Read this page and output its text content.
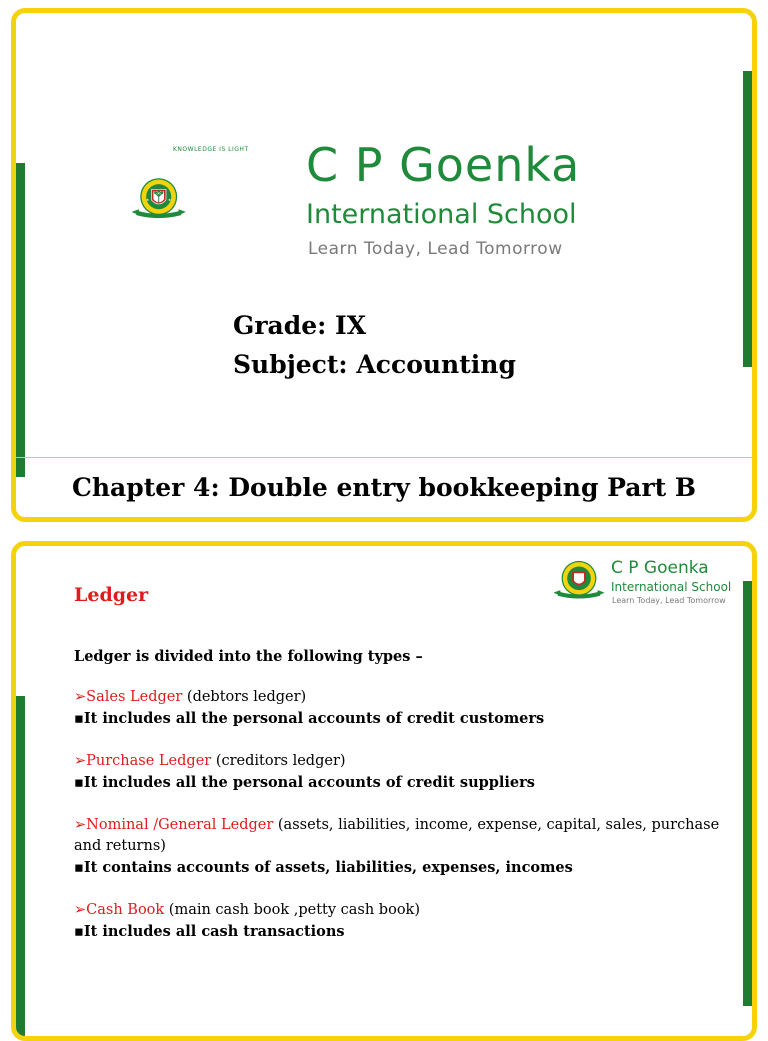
★ ★
KNOWLEDGE IS LIGHT
C P GOENKA INTERNATIONAL
C P Goenka
International School
Learn Today, Lead Tomorrow
Grade: IX
Subject: Accounting
Chapter 4: Double entry bookkeeping Part B
C P Goenka
International School
Learn Today, Lead Tomorrow
Ledger

Ledger is divided into the following types –

➢Sales Ledger (debtors ledger)

▪It includes all the personal accounts of credit customers

➢Purchase Ledger (creditors ledger)

▪It includes all the personal accounts of credit suppliers

➢Nominal /General Ledger (assets, liabilities, income, expense, capital, sales, purchase and returns)

▪It contains accounts of assets, liabilities, expenses, incomes

➢Cash Book (main cash book ,petty cash book)

▪It includes all cash transactions
